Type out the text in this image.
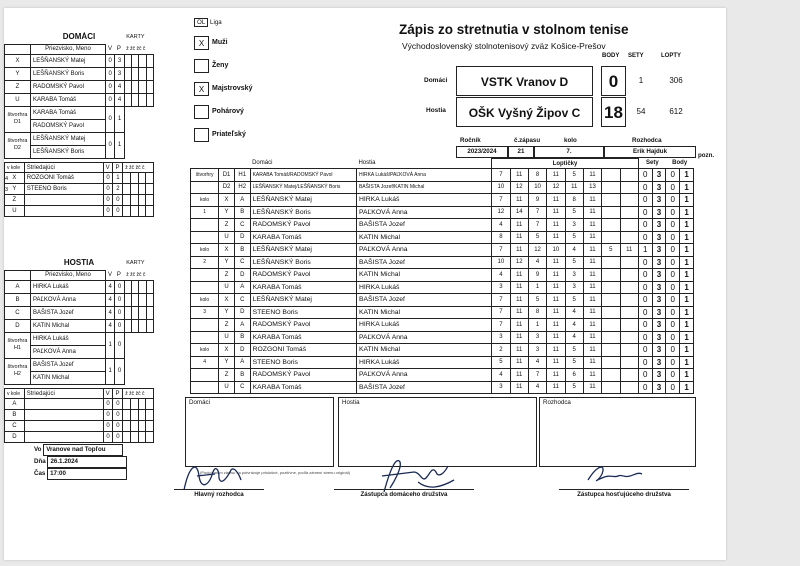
Zápis zo stretnutia v stolnom tenise
Východoslovenský stolnotenisový zväz Košice-Prešov
OL Liga
X	Muži
Ženy
X	Majstrovský
Pohárový
Priateľský
BODY SETY	LOPTY
Domáci	VSTK Vranov D	0	1	306
Hostia	OŠK Vyšný Žipov C	18	54	612
Ročník	č.zápasu	kolo	Rozhodca
2023/2024	21	7.	Erik Hajduk
pozn.
				KARTY			
	Priezvisko, Meno	V	P	ž žč žč č			
X	LEŠŇANSKÝ Matej	0	3				
Y	LEŠŇANSKÝ Boris	0	3				
Z	RADOMSKÝ Pavol	0	4				
U	KARABA Tomáš	0	4				
štvorhra D1	KARABA Tomáš	0	1				
	RADOMSKÝ Pavol						
štvorhra D2	LEŠŇANSKÝ Matej	0	1				
	LEŠŇANSKÝ Boris						
v kole	Striedajúci	V	P	ž žč žč č			
X	ROZGONI Tomáš	0	1				
Y	STEENO Boris	0	2				
Z		0	0				
U		0	0				
DOMÁCI
				KARTY			
	Priezvisko, Meno	V	P	ž žč žč č			
A	HIRKA Lukáš	4	0				
B	PAĽKOVÁ Anna	4	0				
C	BAŠISTA Jozef	4	0				
D	KATIN Michal	4	0				
štvorhra H1	HIRKA Lukáš	1	0				
	PAĽKOVÁ Anna						
štvorhra H2	BAŠISTA Jozef	1	0				
	KATIN Michal						
v kole	Striedajúci	V	P	ž žč žč č			
A		0	0				
B		0	0				
C		0	0				
D		0	0				
HOSTIA
			Domáci	Hostia	Loptičky								Sety		Body	
štvorhry	D1	H1	KARABA Tomáš/RADOMSKÝ Pavol	HIRKA Lukáš/PAĽKOVÁ Anna	7	11	8	11	5	11			0	3	0	1
	D2	H2	LEŠŇANSKÝ Matej/LEŠŇANSKÝ Boris	BAŠISTA Jozef/KATIN Michal	10	12	10	12	11	13			0	3	0	1
kolo	X	A	LEŠŇANSKÝ Matej	HIRKA Lukáš	7	11	9	11	8	11			0	3	0	1
1	Y	B	LEŠŇANSKÝ Boris	PAĽKOVÁ Anna	12	14	7	11	5	11			0	3	0	1
	Z	C	RADOMSKÝ Pavol	BAŠISTA Jozef	4	11	7	11	3	11			0	3	0	1
	U	D	KARABA Tomáš	KATIN Michal	8	11	5	11	5	11			0	3	0	1
kolo	X	B	LEŠŇANSKÝ Matej	PAĽKOVÁ Anna	7	11	12	10	4	11	5	11	1	3	0	1
2	Y	C	LEŠŇANSKÝ Boris	BAŠISTA Jozef	10	12	4	11	5	11			0	3	0	1
	Z	D	RADOMSKÝ Pavol	KATIN Michal	4	11	9	11	3	11			0	3	0	1
	U	A	KARABA Tomáš	HIRKA Lukáš	3	11	1	11	3	11			0	3	0	1
kolo	X	C	LEŠŇANSKÝ Matej	BAŠISTA Jozef	7	11	5	11	5	11			0	3	0	1
3	Y	D	STEENO Boris	KATIN Michal	7	11	8	11	4	11			0	3	0	1
	Z	A	RADOMSKÝ Pavol	HIRKA Lukáš	7	11	1	11	4	11			0	3	0	1
	U	B	KARABA Tomáš	PAĽKOVÁ Anna	3	11	3	11	4	11			0	3	0	1
kolo	X	D	ROZGONI Tomáš	KATIN Michal	2	11	3	11	5	11			0	3	0	1
4	Y	A	STEENO Boris	HIRKA Lukáš	5	11	4	11	5	11			0	3	0	1
	Z	B	RADOMSKÝ Pavol	PAĽKOVÁ Anna	4	11	7	11	6	11			0	3	0	1
	U	C	KARABA Tomáš	BAŠISTA Jozef	3	11	4	11	5	11			0	3	0	1
Domáci	Hostia	Rozhodca
Vo Vranove nad Topľou
Dňa 26.1.2024
Čas 17:00	(Podpísaním zápisu sa potvrdzuje príslušné, pozitívne, podľa zámení strenu originál)
Hlavný rozhodca	Zástupca domáceho družstva	Zástupca hosťujúceho družstva
4
3
